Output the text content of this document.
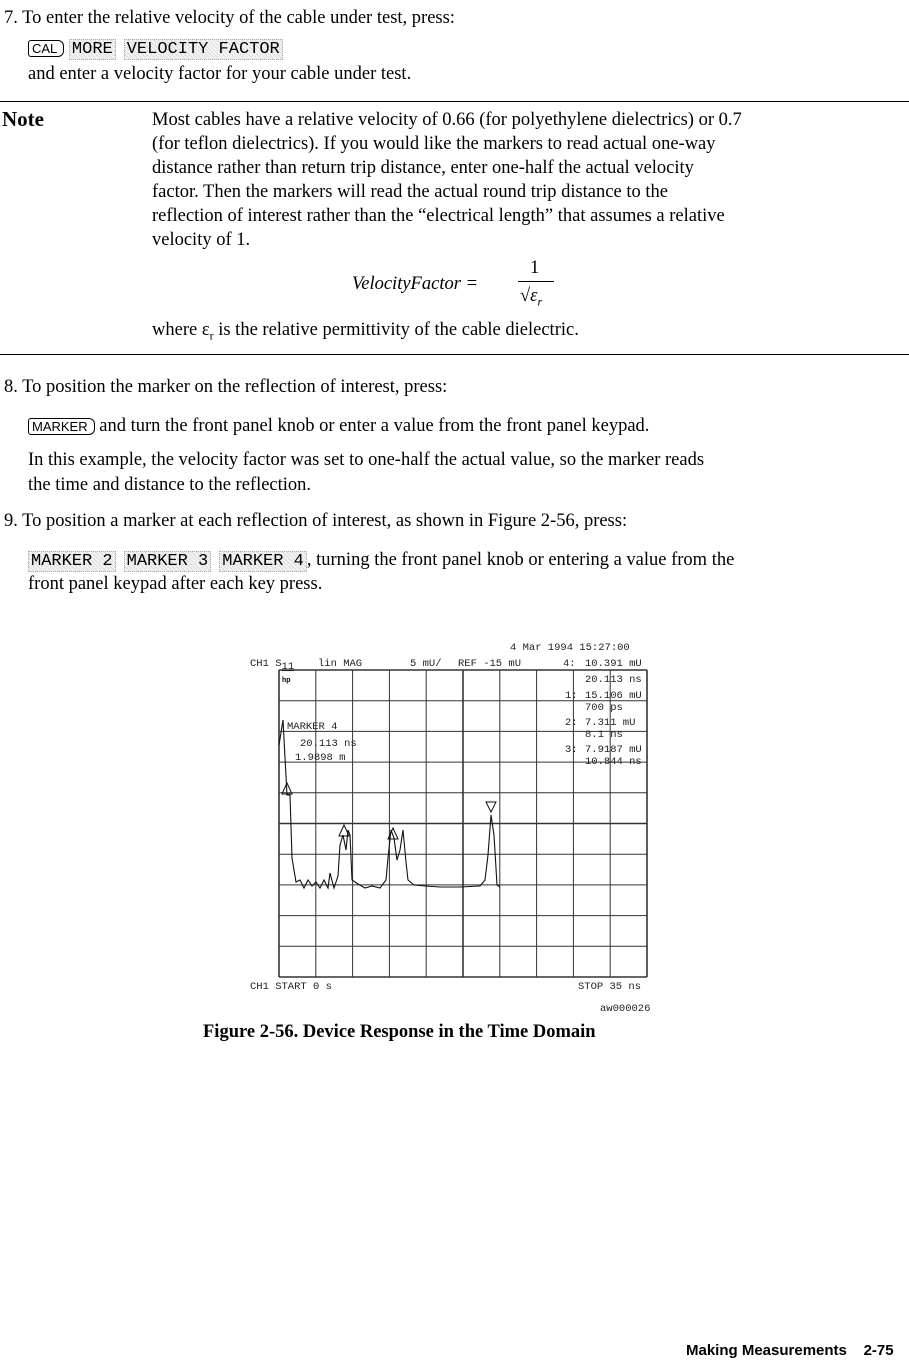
7. To enter the relative velocity of the cable under test, press:
CAL MORE VELOCITY FACTOR
and enter a velocity factor for your cable under test.
Note	Most cables have a relative velocity of 0.66 (for polyethylene dielectrics) or 0.7
(for teflon dielectrics). If you would like the markers to read actual one-way
distance rather than return trip distance, enter one-half the actual velocity
factor. Then the markers will read the actual round trip distance to the
reflection of interest rather than the “electrical length” that assumes a relative
velocity of 1.
VelocityFactor =
1
$√\varepsilon_r$
where $\varepsilon_r$ is the relative permittivity of the cable dielectric.
8. To position the marker on the reflection of interest, press:
MARKER and turn the front panel knob or enter a value from the front panel keypad.
In this example, the velocity factor was set to one-half the actual value, so the marker reads
the time and distance to the reflection.
9. To position a marker at each reflection of interest, as shown in Figure 2-56, press:
MARKER 2 MARKER 3 MARKER 4 , turning the front panel knob or entering a value from the
front panel keypad after each key press.
4 Mar 1994 15:27:00
CH1 S11 lin MAG	5 mU/ REF -15 mU	4: 10.391 mU
20.113 ns
hp
1: 15.106 mU
700 ps
2: 7.311 mU
8.1 ns
3: 7.9187 mU
10.844 ns
MARKER 4
20.113 ns
1.9898 m
CH1 START 0 s	STOP 35 ns
aw000026
Figure 2-56. Device Response in the Time Domain
Making Measurements 2-75
